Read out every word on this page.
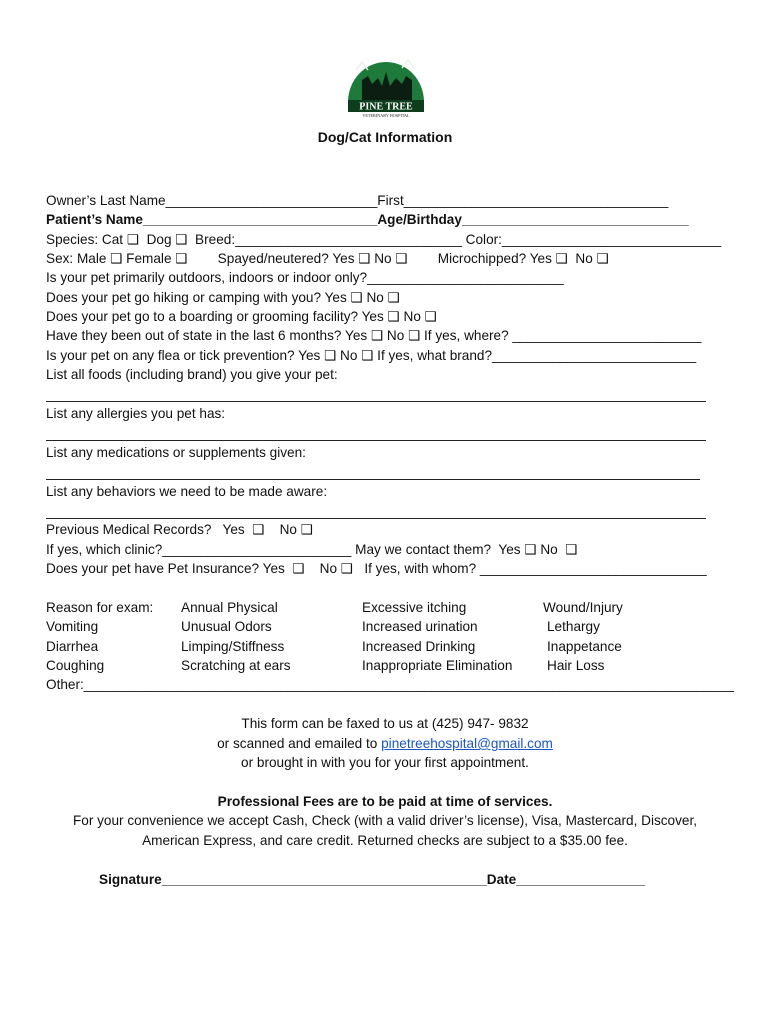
PINE TREE
VETERINARY HOSPITAL
Dog/Cat Information
Owner’s Last Name____________________________First___________________________________
Patient’s Name_______________________________Age/Birthday______________________________
Species: Cat ❑  Dog ❑  Breed:______________________________ Color:_____________________________
Sex: Male ❑ Female ❑        Spayed/neutered? Yes ❑ No ❑        Microchipped? Yes ❑  No ❑
Is your pet primarily outdoors, indoors or indoor only?__________________________
Does your pet go hiking or camping with you? Yes ❑ No ❑
Does your pet go to a boarding or grooming facility? Yes ❑ No ❑
Have they been out of state in the last 6 months? Yes ❑ No ❑ If yes, where? _________________________
Is your pet on any flea or tick prevention? Yes ❑ No ❑ If yes, what brand?___________________________
List all foods (including brand) you give your pet:
List any allergies you pet has:
List any medications or supplements given:
List any behaviors we need to be made aware:
Previous Medical Records?   Yes  ❑    No ❑
If yes, which clinic?_________________________ May we contact them?  Yes ❑ No  ❑
Does your pet have Pet Insurance? Yes  ❑    No ❑   If yes, with whom? ______________________________
Reason for exam:
Vomiting
Diarrhea
Coughing
Annual Physical
Unusual Odors
Limping/Stiffness
Scratching at ears
Excessive itching
Increased urination
Increased Drinking
Inappropriate Elimination
Wound/Injury
Lethargy
Inappetance
Hair Loss
Other:______________________________________________________________________________________
This form can be faxed to us at (425) 947- 9832
or scanned and emailed to pinetreehospital@gmail.com
or brought in with you for your first appointment.
Professional Fees are to be paid at time of services.
For your convenience we accept Cash, Check (with a valid driver’s license), Visa, Mastercard, Discover,
American Express, and care credit. Returned checks are subject to a $35.00 fee.
Signature___________________________________________Date_________________
